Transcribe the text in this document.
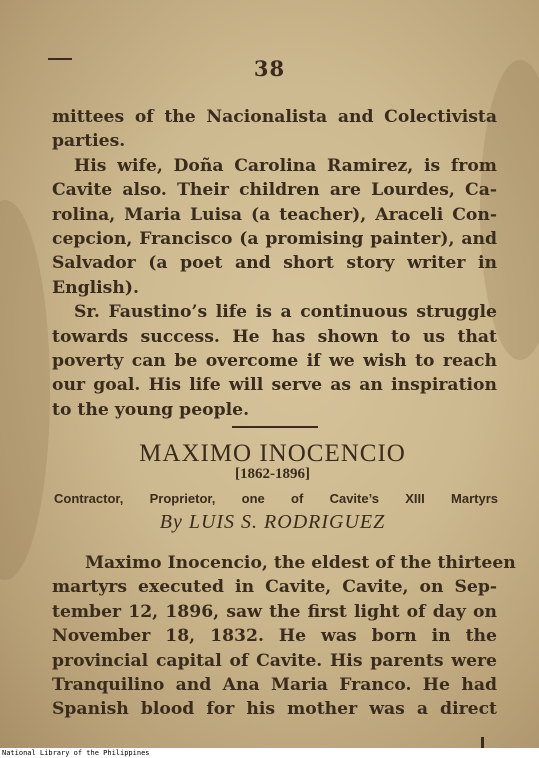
38
mittees of the Nacionalista and Colectivista
parties.
His wife, Doña Carolina Ramirez, is from
Cavite also. Their children are Lourdes, Ca-
rolina, Maria Luisa (a teacher), Araceli Con-
cepcion, Francisco (a promising painter), and
Salvador (a poet and short story writer in
English).
Sr. Faustino’s life is a continuous struggle
towards success. He has shown to us that
poverty can be overcome if we wish to reach
our goal. His life will serve as an inspiration
to the young people.
MAXIMO INOCENCIO
[1862-1896]
Contractor, Proprietor, one of Cavite’s XIII Martyrs
By LUIS S. RODRIGUEZ
Maximo Inocencio, the eldest of the thirteen
martyrs executed in Cavite, Cavite, on Sep-
tember 12, 1896, saw the first light of day on
November 18, 1832. He was born in the
provincial capital of Cavite. His parents were
Tranquilino and Ana Maria Franco. He had
Spanish blood for his mother was a direct
National Library of the Philippines
